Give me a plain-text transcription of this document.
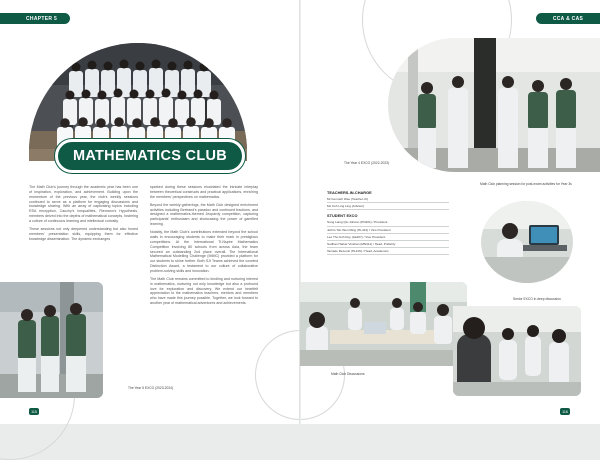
CHAPTER 5
MATHEMATICS CLUB

The Math Club's journey through the academic year has been one of inspiration, exploration, and achievement. Building upon the momentum of the previous year, the club's weekly sessions continued to serve as a platform for engaging discussions and knowledge sharing. With an array of captivating topics including RSA encryption, Cauchy's Inequalities, Riemann's Hypothesis, members delved into the depths of mathematical concepts, fostering a culture of continuous learning and intellectual curiosity.

These sessions not only deepened understanding but also honed members' presentation skills, equipping them for effective knowledge dissemination. The dynamic exchanges

sparked during these sessions elucidated the intricate interplay between theoretical constructs and practical applications, enriching the members' perspectives on mathematics.

Beyond the weekly gatherings, the Math Club designed enrichment activities including Bertrand's paradox and continued fractions, and designed a mathematics-themed Jeopardy competition, capturing participants' enthusiasm and showcasing the power of gamified learning.

Notably, the Math Club's contributions extended beyond the school walls in encouraging students to make their mark in prestigious competitions. At the International Ti-Nspire Mathematics Competition involving 80 schools from across Asia, the team secured an outstanding 2nd place overall. The International Mathematical Modelling Challenge (IMMC) provided a platform for our students to shine further. Both SJI Teams achieved the coveted Distinction Award, a testament to our culture of collaborative problem-solving skills and innovation.

The Math Club remains committed to kindling and nurturing interest in mathematics, nurturing not only knowledge but also a profound love for exploration and discovery. We extend our heartfelt appreciation to the mathematics teachers, mentors and members who have made this journey possible. Together, we look forward to another year of mathematical adventures and achievements.

The Year 5 EXCO (2023-2024)
115
CCA & CAS
The Year 4 EXCO (2022-2023)
Math Club planning session for post-exam activities for Year 3s
TEACHERS-IN-CHARGE
Mr Kenneth Wee (Teacher-IC)
Ms Koh Ling Ling (Advisor)
STUDENT EXCO
Sung Liang Qiu Johann (PN401) / President
Jethro Tan Wen Ming (HL414) / Vice President
Leo Tho Anh Duy (LE407) / Vice President
Sudhan Hariaz Vinshan (MN411) / Head, Publicity
Tandele Rezemil (HL416) / Head, Academics
Math Club Discussions
Senior EXCO in deep discussion
116
